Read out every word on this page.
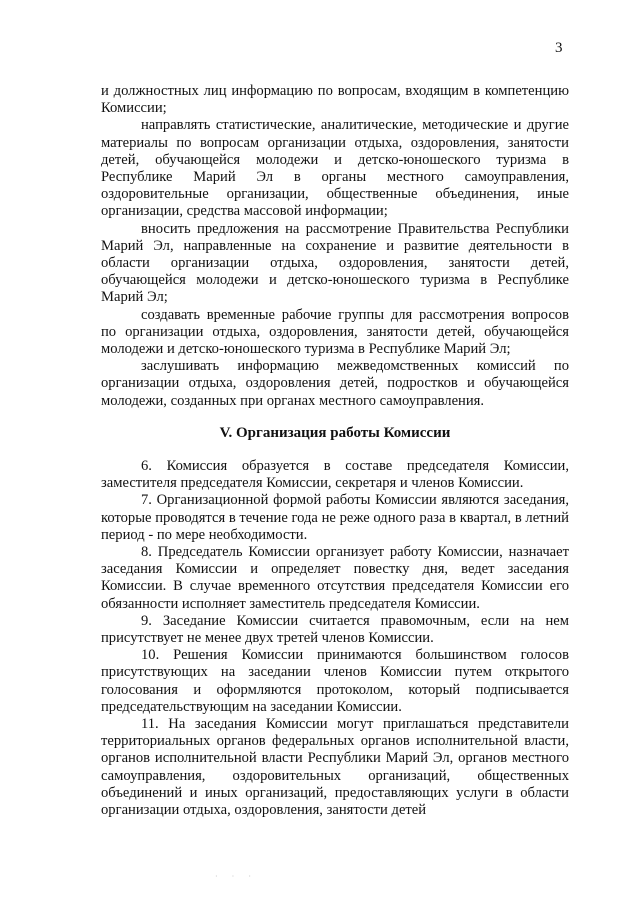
3

и должностных лиц информацию по вопросам, входящим в компетенцию Комиссии;

направлять статистические, аналитические, методические и другие материалы по вопросам организации отдыха, оздоровления, занятости детей, обучающейся молодежи и детско-юношеского туризма в Республике Марий Эл в органы местного самоуправления, оздоровительные организации, общественные объединения, иные организации, средства массовой информации;

вносить предложения на рассмотрение Правительства Республики Марий Эл, направленные на сохранение и развитие деятельности в области организации отдыха, оздоровления, занятости детей, обучающейся молодежи и детско-юношеского туризма в Республике Марий Эл;

создавать временные рабочие группы для рассмотрения вопросов по организации отдыха, оздоровления, занятости детей, обучающейся молодежи и детско-юношеского туризма в Республике Марий Эл;

заслушивать информацию межведомственных комиссий по организации отдыха, оздоровления детей, подростков и обучающейся молодежи, созданных при органах местного самоуправления.

V. Организация работы Комиссии

6. Комиссия образуется в составе председателя Комиссии, заместителя председателя Комиссии, секретаря и членов Комиссии.

7. Организационной формой работы Комиссии являются заседания, которые проводятся в течение года не реже одного раза в квартал, в летний период - по мере необходимости.

8. Председатель Комиссии организует работу Комиссии, назначает заседания Комиссии и определяет повестку дня, ведет заседания Комиссии. В случае временного отсутствия председателя Комиссии его обязанности исполняет заместитель председателя Комиссии.

9. Заседание Комиссии считается правомочным, если на нем присутствует не менее двух третей членов Комиссии.

10. Решения Комиссии принимаются большинством голосов присутствующих на заседании членов Комиссии путем открытого голосования и оформляются протоколом, который подписывается председательствующим на заседании Комиссии.

11. На заседания Комиссии могут приглашаться представители территориальных органов федеральных органов исполнительной власти, органов исполнительной власти Республики Марий Эл, органов местного самоуправления, оздоровительных организаций, общественных объединений и иных организаций, предоставляющих услуги в области организации отдыха, оздоровления, занятости детей

· · ·
